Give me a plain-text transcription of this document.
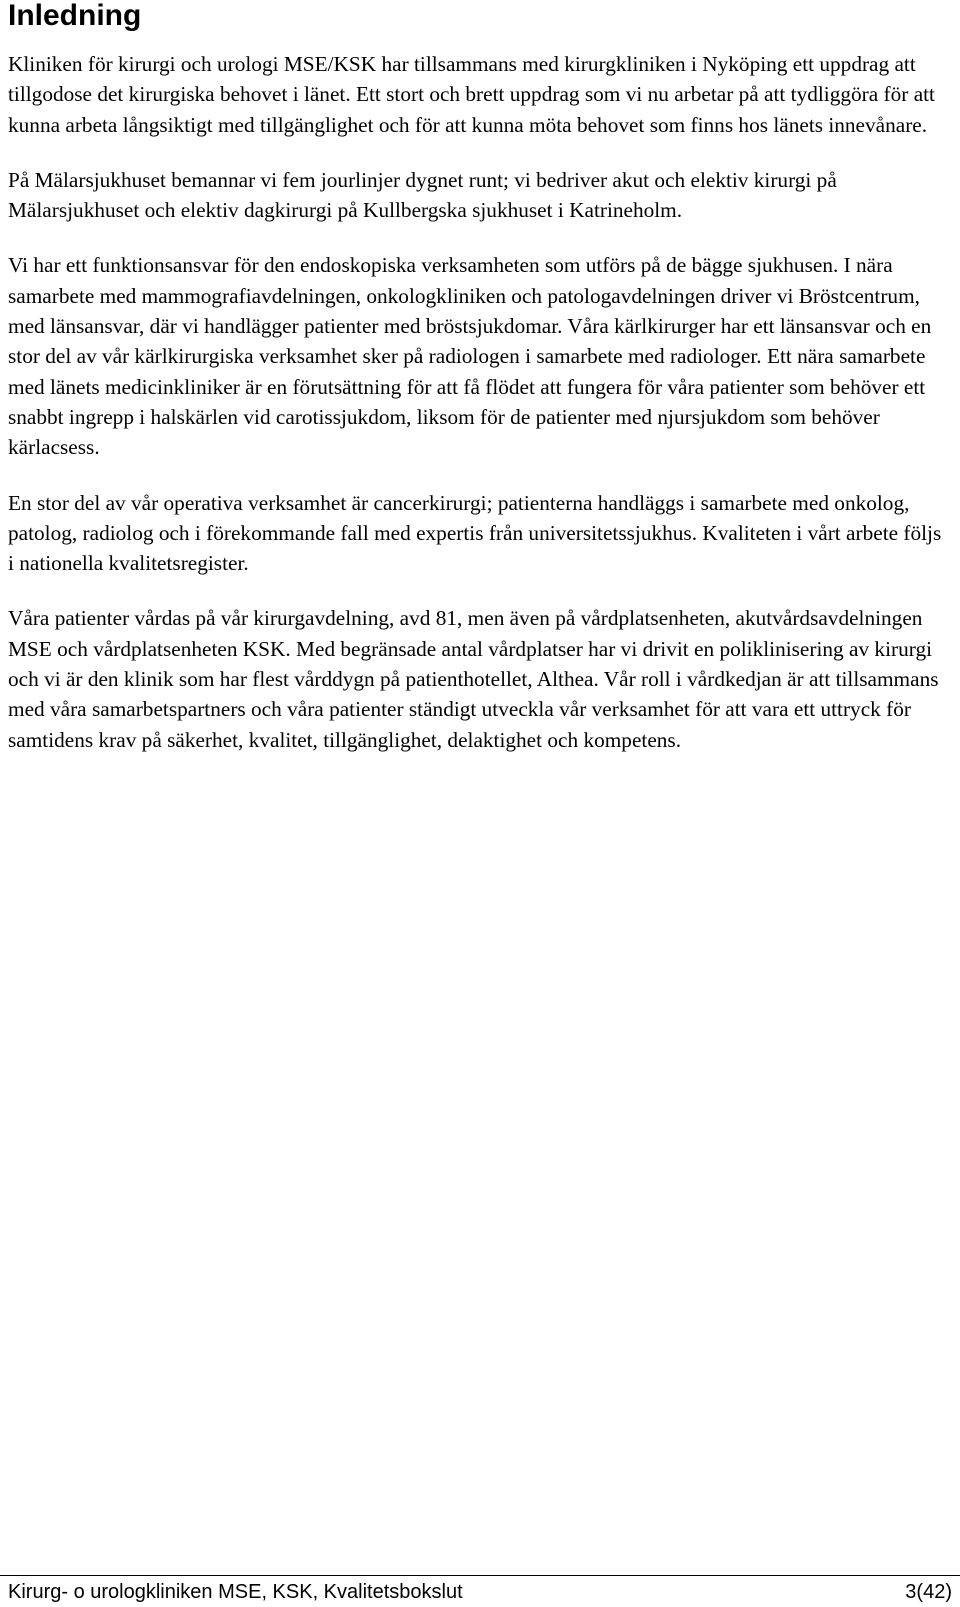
Inledning

Kliniken för kirurgi och urologi MSE/KSK har tillsammans med kirurgkliniken i Nyköping ett uppdrag att tillgodose det kirurgiska behovet i länet. Ett stort och brett uppdrag som vi nu arbetar på att tydliggöra för att kunna arbeta långsiktigt med tillgänglighet och för att kunna möta behovet som finns hos länets innevånare.

På Mälarsjukhuset bemannar vi fem jourlinjer dygnet runt; vi bedriver akut och elektiv kirurgi på Mälarsjukhuset och elektiv dagkirurgi på Kullbergska sjukhuset i Katrineholm.

Vi har ett funktionsansvar för den endoskopiska verksamheten som utförs på de bägge sjukhusen. I nära samarbete med mammografiavdelningen, onkologkliniken och patologavdelningen driver vi Bröstcentrum, med länsansvar, där vi handlägger patienter med bröstsjukdomar. Våra kärlkirurger har ett länsansvar och en stor del av vår kärlkirurgiska verksamhet sker på radiologen i samarbete med radiologer. Ett nära samarbete med länets medicinkliniker är en förutsättning för att få flödet att fungera för våra patienter som behöver ett snabbt ingrepp i halskärlen vid carotissjukdom, liksom för de patienter med njursjukdom som behöver kärlacsess.

En stor del av vår operativa verksamhet är cancerkirurgi; patienterna handläggs i samarbete med onkolog, patolog, radiolog och i förekommande fall med expertis från universitetssjukhus. Kvaliteten i vårt arbete följs i nationella kvalitetsregister.

Våra patienter vårdas på vår kirurgavdelning, avd 81, men även på vårdplatsenheten, akutvårdsavdelningen MSE och vårdplatsenheten KSK. Med begränsade antal vårdplatser har vi drivit en poliklinisering av kirurgi och vi är den klinik som har flest vårddygn på patienthotellet, Althea. Vår roll i vårdkedjan är att tillsammans med våra samarbetspartners och våra patienter ständigt utveckla vår verksamhet för att vara ett uttryck för samtidens krav på säkerhet, kvalitet, tillgänglighet, delaktighet och kompetens.

Kirurg- o urologkliniken MSE, KSK, Kvalitetsbokslut	3(42)
